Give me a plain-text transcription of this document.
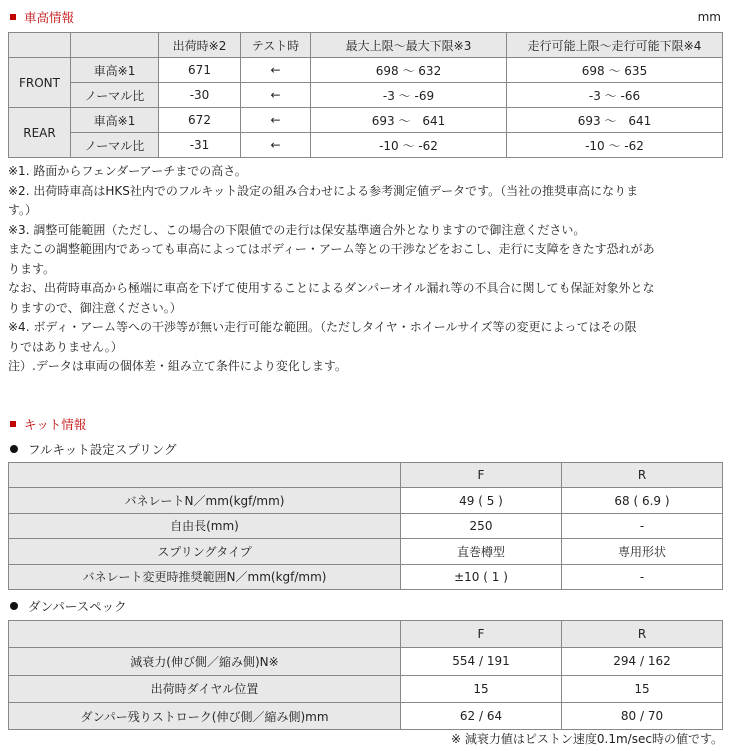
車高情報	mm
		出荷時※2	テスト時	最大上限～最大下限※3	走行可能上限～走行可能下限※4
FRONT	車高※1	671	←	698 ～ 632	698 ～ 635
	ノーマル比	-30	←	-3 ～ -69	-3 ～ -66
REAR	車高※1	672	←	693 ～　641	693 ～　641
	ノーマル比	-31	←	-10 ～ -62	-10 ～ -62

※1. 路面からフェンダーアーチまでの高さ。

※2. 出荷時車高はHKS社内でのフルキット設定の組み合わせによる参考測定値データです。（当社の推奨車高になりま

す。）

※3. 調整可能範囲（ただし、この場合の下限値での走行は保安基準適合外となりますので御注意ください。

またこの調整範囲内であっても車高によってはボディー・アーム等との干渉などをおこし、走行に支障をきたす恐れがあ

ります。

なお、出荷時車高から極端に車高を下げて使用することによるダンパーオイル漏れ等の不具合に関しても保証対象外とな

りますので、御注意ください。）

※4. ボディ・アーム等への干渉等が無い走行可能な範囲。（ただしタイヤ・ホイールサイズ等の変更によってはその限

りではありません。）

注）.データは車両の個体差・組み立て条件により変化します。

キット情報
フルキット設定スプリング
	F	R
バネレートN／mm(kgf/mm)	49 ( 5 )	68 ( 6.9 )
自由長(mm)	250	-
スプリングタイプ	直巻樽型	専用形状
バネレート変更時推奨範囲N／mm(kgf/mm)	±10 ( 1 )	-
ダンパースペック
	F	R
減衰力(伸び側／縮み側)N※	554 / 191	294 / 162
出荷時ダイヤル位置	15	15
ダンパー残りストローク(伸び側／縮み側)mm	62 / 64	80 / 70
※ 減衰力値はピストン速度0.1m/sec時の値です。
